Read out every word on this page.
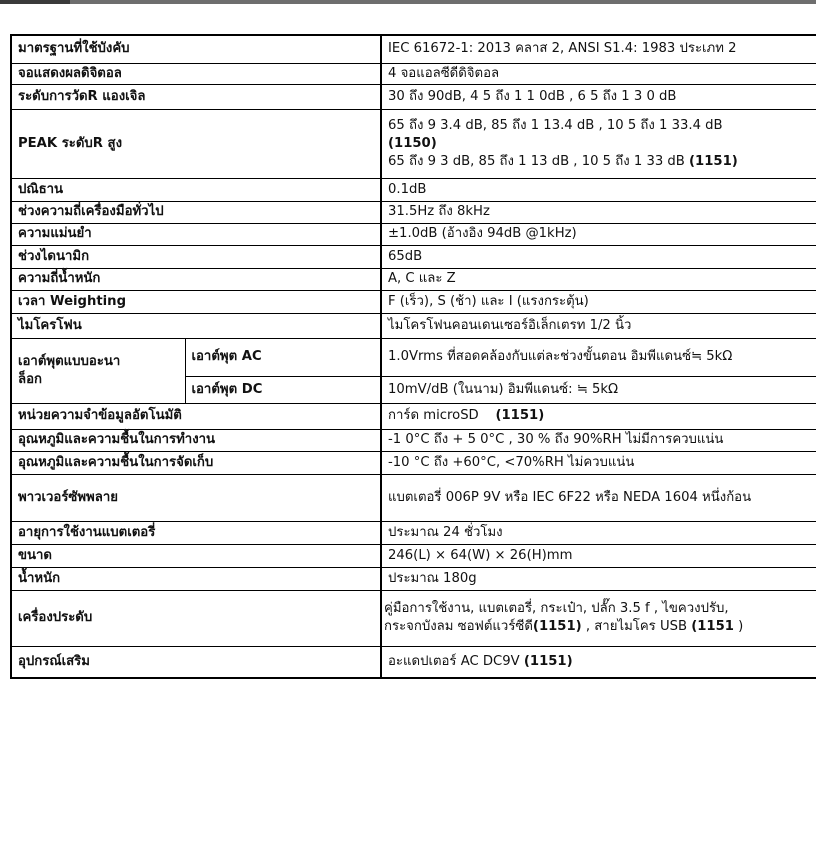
มาตรฐานที่ใช้บังคับ		IEC 61672-1: 2013 คลาส 2, ANSI S1.4: 1983 ประเภท 2
จอแสดงผลดิจิตอล		4 จอแอลซีดีดิจิตอล
ระดับการวัดR แองเจิล		30 ถึง 90dB, 4 5 ถึง 1 1 0dB , 6 5 ถึง 1 3 0 dB
PEAK ระดับR สูง		65 ถึง 9 3.4 dB, 85 ถึง 1 13.4 dB , 10 5 ถึง 1 33.4 dB
(1150)
65 ถึง 9 3 dB, 85 ถึง 1 13 dB , 10 5 ถึง 1 33 dB (1151)

ปณิธาน		0.1dB
ช่วงความถี่เครื่องมือทั่วไป		31.5Hz ถึง 8kHz
ความแม่นยำ		±1.0dB (อ้างอิง 94dB @1kHz)
ช่วงไดนามิก		65dB
ความถี่น้ำหนัก		A, C และ Z
เวลา Weighting		F (เร็ว), S (ช้า) และ I (แรงกระตุ้น)
ไมโครโฟน		ไมโครโฟนคอนเดนเซอร์อิเล็กเตรท 1/2 นิ้ว

เอาต์พุตแบบอะนา
ล็อก	เอาต์พุต AC	1.0Vrms ที่สอดคล้องกับแต่ละช่วงขั้นตอน อิมพีแดนซ์≒ 5kΩ
	เอาต์พุต DC	10mV/dB (ในนาม) อิมพีแดนซ์: ≒ 5kΩ
หน่วยความจำข้อมูลอัตโนมัติ		การ์ด microSD    (1151)
อุณหภูมิและความชื้นในการทำงาน		-1 0°C ถึง + 5 0°C , 30 % ถึง 90%RH ไม่มีการควบแน่น
อุณหภูมิและความชื้นในการจัดเก็บ		-10 °C ถึง +60°C, <70%RH ไม่ควบแน่น
พาวเวอร์ซัพพลาย		แบตเตอรี่ 006P 9V หรือ IEC 6F22 หรือ NEDA 1604 หนึ่งก้อน
อายุการใช้งานแบตเตอรี่		ประมาณ 24 ชั่วโมง
ขนาด		246(L) × 64(W) × 26(H)mm
น้ำหนัก		ประมาณ 180g
เครื่องประดับ		คู่มือการใช้งาน, แบตเตอรี่, กระเป๋า, ปลั๊ก 3.5 f , ไขควงปรับ,
กระจกบังลม ซอฟต์แวร์ซีดี(1151) , สายไมโคร USB (1151 )

อุปกรณ์เสริม		อะแดปเตอร์ AC DC9V (1151)
